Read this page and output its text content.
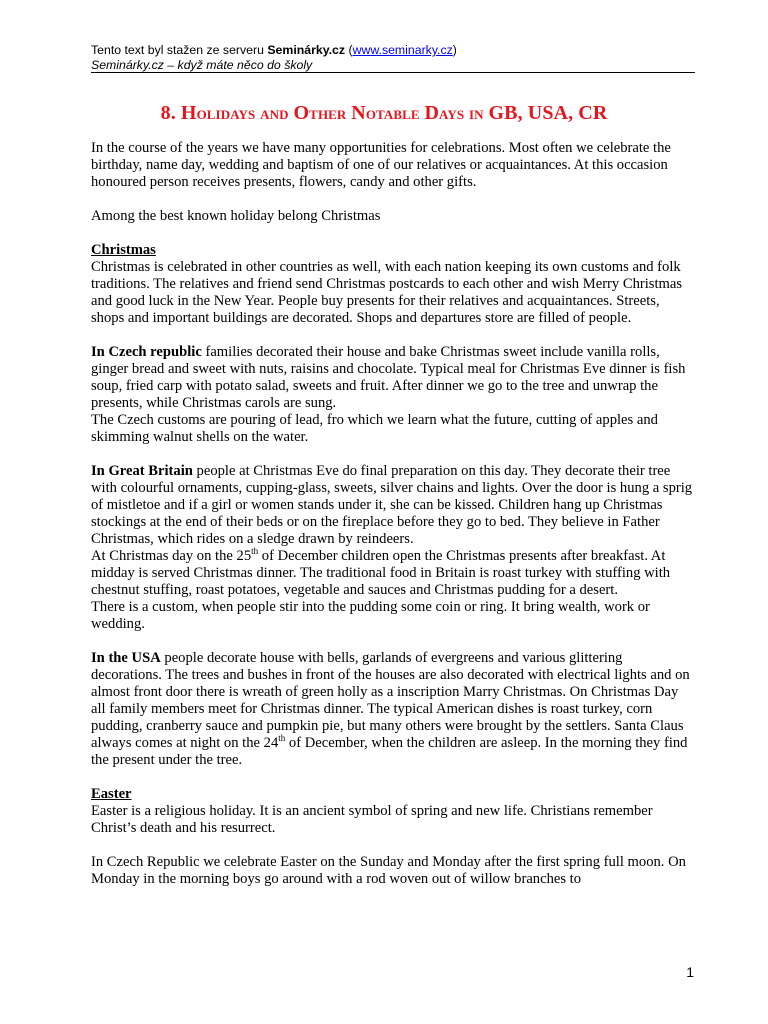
Tento text byl stažen ze serveru Seminárky.cz (www.seminarky.cz)
Seminárky.cz – když máte něco do školy
8. Holidays and Other Notable Days in GB, USA, CR

In the course of the years we have many opportunities for celebrations. Most often we celebrate the birthday, name day, wedding and baptism of one of our relatives or acquaintances. At this occasion honoured person receives presents, flowers, candy and other gifts.

Among the best known holiday belong Christmas

Christmas

Christmas is celebrated in other countries as well, with each nation keeping its own customs and folk traditions. The relatives and friend send Christmas postcards to each other and wish Merry Christmas and good luck in the New Year. People buy presents for their relatives and acquaintances. Streets, shops and important buildings are decorated. Shops and departures store are filled of people.

In Czech republic families decorated their house and bake Christmas sweet include vanilla rolls, ginger bread and sweet with nuts, raisins and chocolate. Typical meal for Christmas Eve dinner is fish soup, fried carp with potato salad, sweets and fruit. After dinner we go to the tree and unwrap the presents, while Christmas carols are sung.

The Czech customs are pouring of lead, fro which we learn what the future, cutting of apples and skimming walnut shells on the water.

In Great Britain people at Christmas Eve do final preparation on this day. They decorate their tree with colourful ornaments, cupping-glass, sweets, silver chains and lights. Over the door is hung a sprig of mistletoe and if a girl or women stands under it, she can be kissed. Children hang up Christmas stockings at the end of their beds or on the fireplace before they go to bed. They believe in Father Christmas, which rides on a sledge drawn by reindeers.

At Christmas day on the 25th of December children open the Christmas presents after breakfast. At midday is served Christmas dinner. The traditional food in Britain is roast turkey with stuffing with chestnut stuffing, roast potatoes, vegetable and sauces and Christmas pudding for a desert.

There is a custom, when people stir into the pudding some coin or ring. It bring wealth, work or wedding.

In the USA people decorate house with bells, garlands of evergreens and various glittering decorations. The trees and bushes in front of the houses are also decorated with electrical lights and on almost front door there is wreath of green holly as a inscription Marry Christmas. On Christmas Day all family members meet for Christmas dinner. The typical American dishes is roast turkey, corn pudding, cranberry sauce and pumpkin pie, but many others were brought by the settlers. Santa Claus always comes at night on the 24th of December, when the children are asleep. In the morning they find the present under the tree.

Easter

Easter is a religious holiday. It is an ancient symbol of spring and new life. Christians remember Christ’s death and his resurrect.

In Czech Republic we celebrate Easter on the Sunday and Monday after the first spring full moon. On Monday in the morning boys go around with a rod woven out of willow branches to

1
